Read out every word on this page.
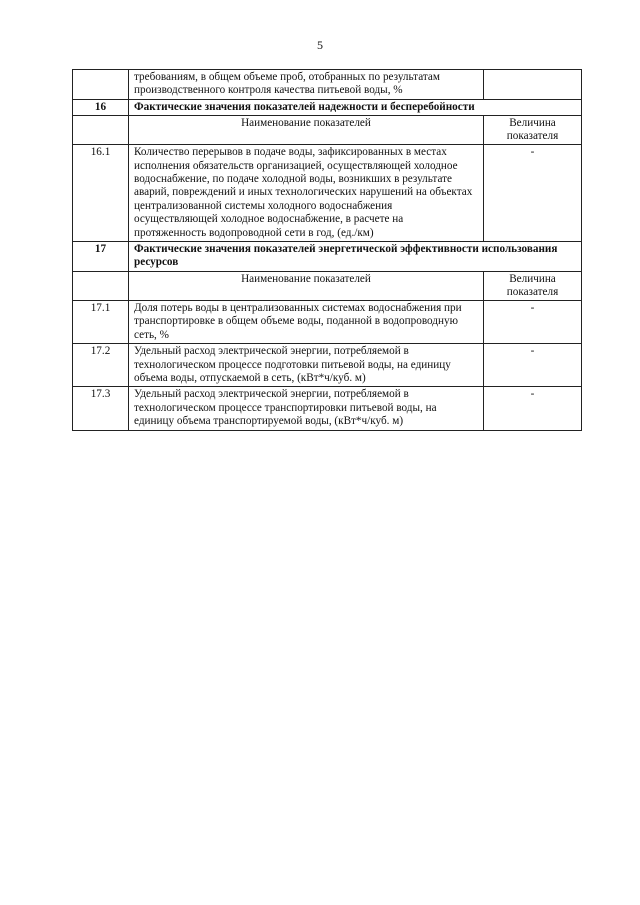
5
	требованиям, в общем объеме проб, отобранных по результатам производственного контроля качества питьевой воды, %	
16	Фактические значения показателей надежности и бесперебойности	
	Наименование показателей	Величина показателя
16.1	Количество перерывов в подаче воды, зафиксированных в местах исполнения обязательств организацией, осуществляющей холодное водоснабжение, по подаче холодной воды, возникших в результате аварий, повреждений и иных технологических нарушений на объектах централизованной системы холодного водоснабжения осуществляющей холодное водоснабжение, в расчете на протяженность водопроводной сети в год, (ед./км)	-
17	Фактические значения показателей энергетической эффективности использования ресурсов	
	Наименование показателей	Величина показателя
17.1	Доля потерь воды в централизованных системах водоснабжения при транспортировке в общем объеме воды, поданной в водопроводную сеть, %	-
17.2	Удельный расход электрической энергии, потребляемой в технологическом процессе подготовки питьевой воды, на единицу объема воды, отпускаемой в сеть, (кВт*ч/куб. м)	-
17.3	Удельный расход электрической энергии, потребляемой в технологическом процессе транспортировки питьевой воды, на единицу объема транспортируемой воды, (кВт*ч/куб. м)	-
